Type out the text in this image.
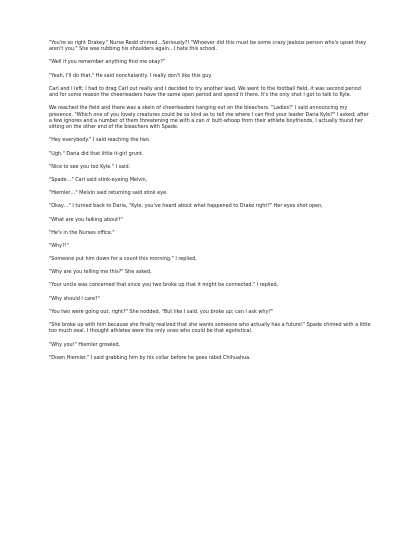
"You're so right Drakey." Nurse Redd chimed…Seriously?! "Whoever did this must be some crazy jealous person who's upset they aren't you." She was rubbing his shoulders again…I hate this school.

"Well if you remember anything find me okay?"

"Yeah, I'll do that." He said nonchalantly. I really don't like this guy.

Carl and I left; I had to drag Carl out really and I decided to try another lead. We went to the football field, it was second period and for some reason the cheerleaders have the same open period and spend it there. It's the only shot I got to talk to Kyle.

We reached the field and there was a skein of cheerleaders hanging out on the bleachers. "Ladies!" I said announcing my presence. "Which one of you lovely creatures could be so kind as to tell me where I can find your leader Daria Kyle?" I asked; after a few ignores and a number of them threatening me with a can o' butt-whoop from their athlete boyfriends, I actually found her sitting on the other end of the bleachers with Spade.

"Hey everybody." I said reaching the two.

"Ugh." Daria did that little it-girl grunt.

"Nice to see you too Kyle." I said.

"Spade…" Carl said stink-eyeing Melvin,

"Hiemler…" Melvin said returning said stink eye.

"Okay…" I turned back to Daria, "Kyle, you've heard about what happened to Drake right?" Her eyes shot open,

"What are you talking about?"

"He's in the Nurses office."

"Why?!"

"Someone put him down for a count this morning." I replied,

"Why are you telling me this?" She asked,

"Your uncle was concerned that since you two broke up that it might be connected." I replied,

"Why should I care?"

"You two were going out, right?" She nodded, "But like I said, you broke up; can I ask why?"

"She broke up with him because she finally realized that she wants someone who actually has a future!" Spade chimed with a little too much zeal. I thought athletes were the only ones who could be that egotistical.

"Why you!" Hiemler growled,

"Down Hiemler." I said grabbing him by his collar before he goes rabid Chihuahua.
